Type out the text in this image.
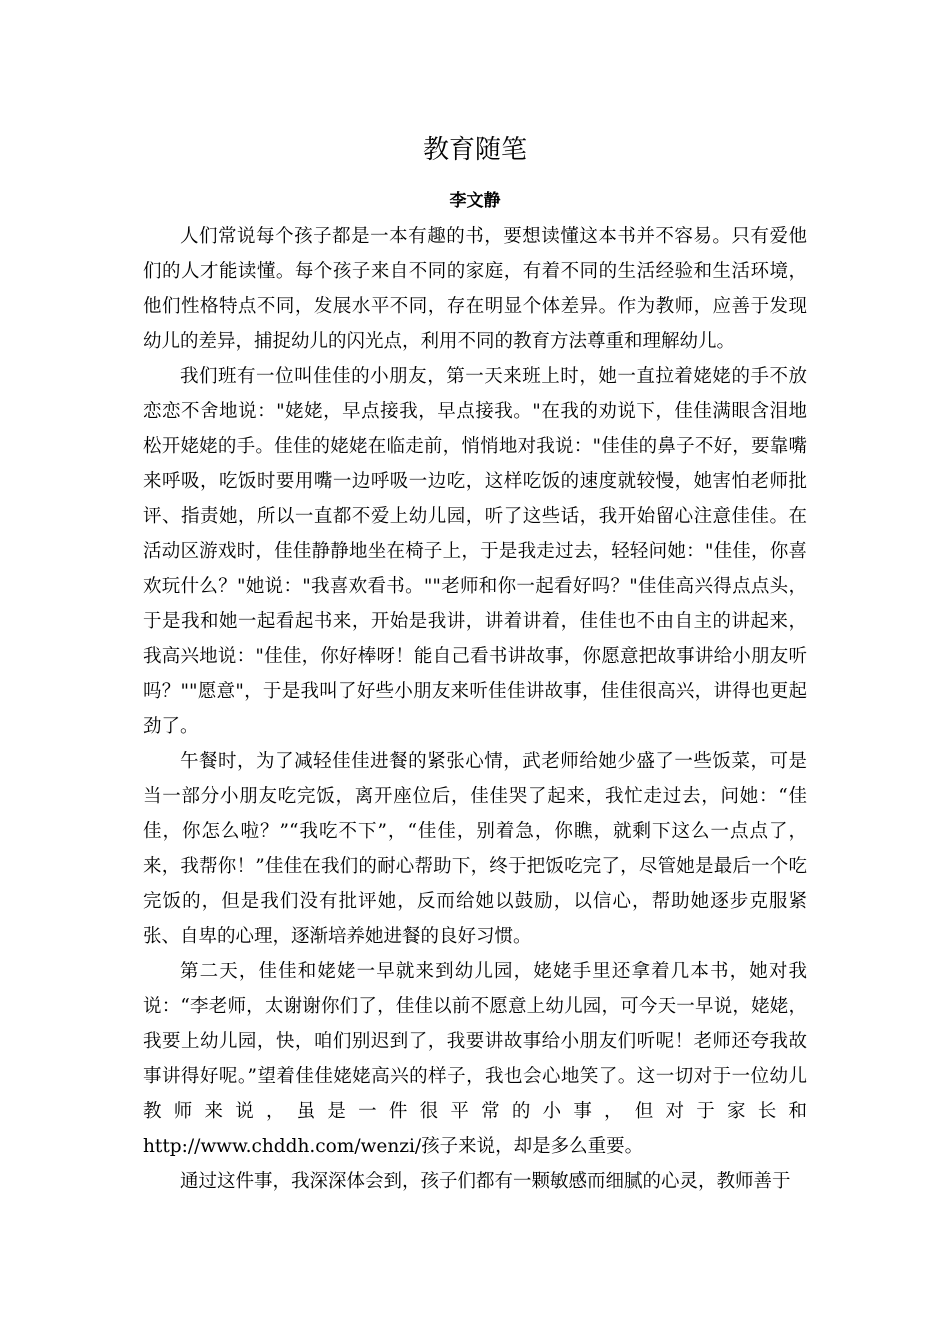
教育随笔
李文静

人们常说每个孩子都是一本有趣的书，要想读懂这本书并不容易。只有爱他们的人才能读懂。每个孩子来自不同的家庭，有着不同的生活经验和生活环境，他们性格特点不同，发展水平不同，存在明显个体差异。作为教师，应善于发现幼儿的差异，捕捉幼儿的闪光点，利用不同的教育方法尊重和理解幼儿。

我们班有一位叫佳佳的小朋友，第一天来班上时，她一直拉着姥姥的手不放恋恋不舍地说："姥姥，早点接我，早点接我。"在我的劝说下，佳佳满眼含泪地松开姥姥的手。佳佳的姥姥在临走前，悄悄地对我说："佳佳的鼻子不好，要靠嘴来呼吸，吃饭时要用嘴一边呼吸一边吃，这样吃饭的速度就较慢，她害怕老师批评、指责她，所以一直都不爱上幼儿园，听了这些话，我开始留心注意佳佳。在活动区游戏时，佳佳静静地坐在椅子上，于是我走过去，轻轻问她："佳佳，你喜欢玩什么？"她说："我喜欢看书。""老师和你一起看好吗？"佳佳高兴得点点头，于是我和她一起看起书来，开始是我讲，讲着讲着，佳佳也不由自主的讲起来，我高兴地说："佳佳，你好棒呀！能自己看书讲故事，你愿意把故事讲给小朋友听吗？""愿意"，于是我叫了好些小朋友来听佳佳讲故事，佳佳很高兴，讲得也更起劲了。

午餐时，为了减轻佳佳进餐的紧张心情，武老师给她少盛了一些饭菜，可是当一部分小朋友吃完饭，离开座位后，佳佳哭了起来，我忙走过去，问她：“佳佳，你怎么啦？”“我吃不下”，“佳佳，别着急，你瞧，就剩下这么一点点了，来，我帮你！”佳佳在我们的耐心帮助下，终于把饭吃完了，尽管她是最后一个吃完饭的，但是我们没有批评她，反而给她以鼓励，以信心，帮助她逐步克服紧张、自卑的心理，逐渐培养她进餐的良好习惯。

第二天，佳佳和姥姥一早就来到幼儿园，姥姥手里还拿着几本书，她对我说：“李老师，太谢谢你们了，佳佳以前不愿意上幼儿园，可今天一早说，姥姥，我要上幼儿园，快，咱们别迟到了，我要讲故事给小朋友们听呢！老师还夸我故事讲得好呢。”望着佳佳姥姥高兴的样子，我也会心地笑了。这一切对于一位幼儿教师来说，虽是一件很平常的小事，但对于家长和 http://www.chddh.com/wenzi/孩子来说，却是多么重要。

通过这件事，我深深体会到，孩子们都有一颗敏感而细腻的心灵，教师善于
